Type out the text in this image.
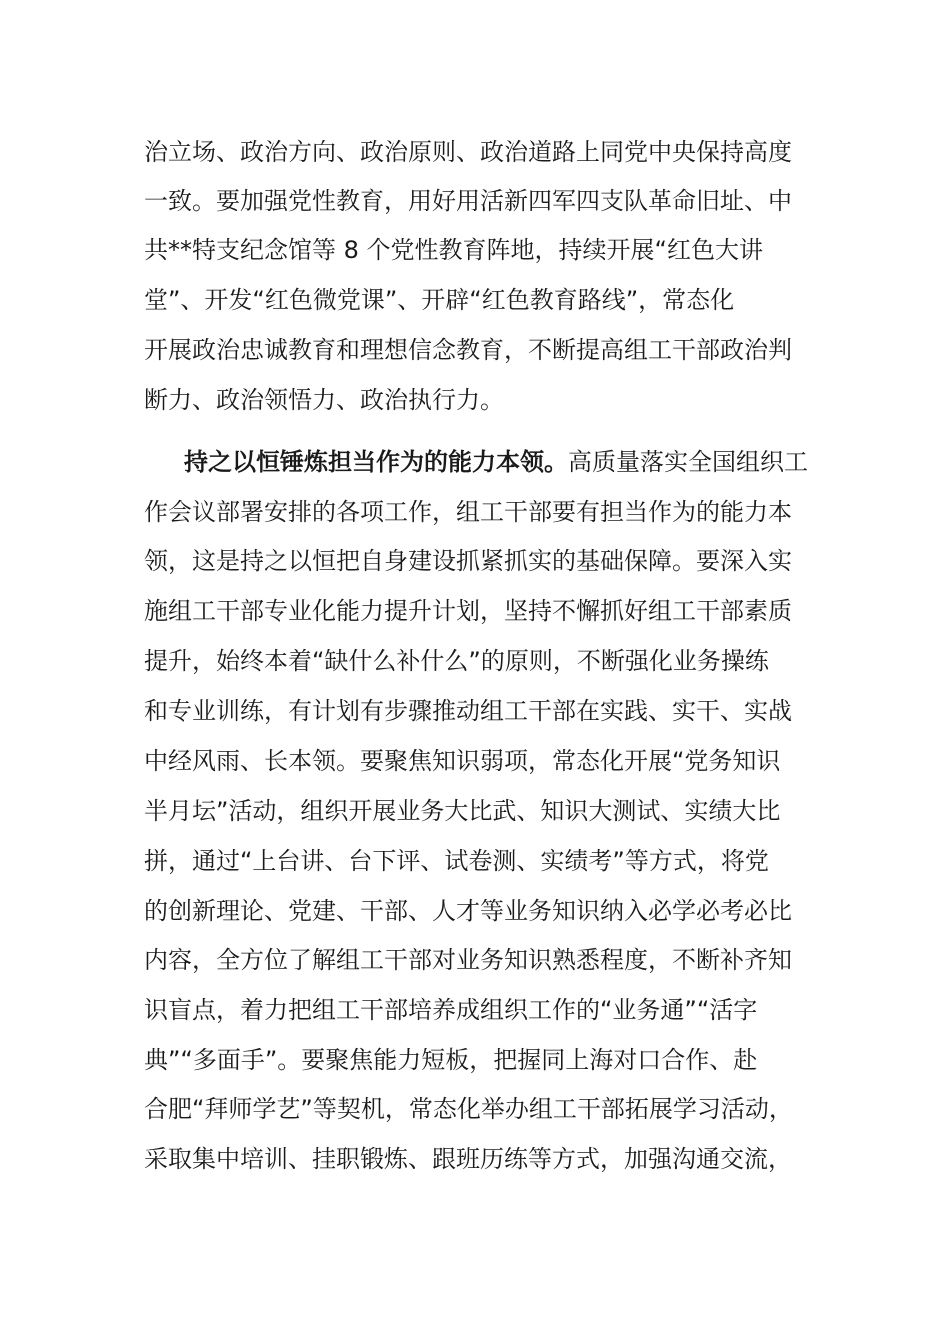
治立场、政治方向、政治原则、政治道路上同党中央保持高度
一致。要加强党性教育，用好用活新四军四支队革命旧址、中
共**特支纪念馆等 8 个党性教育阵地，持续开展“红色大讲
堂”、开发“红色微党课”、开辟“红色教育路线”，常态化
开展政治忠诚教育和理想信念教育，不断提高组工干部政治判
断力、政治领悟力、政治执行力。
持之以恒锤炼担当作为的能力本领。高质量落实全国组织工
作会议部署安排的各项工作，组工干部要有担当作为的能力本
领，这是持之以恒把自身建设抓紧抓实的基础保障。要深入实
施组工干部专业化能力提升计划，坚持不懈抓好组工干部素质
提升，始终本着“缺什么补什么”的原则，不断强化业务操练
和专业训练，有计划有步骤推动组工干部在实践、实干、实战
中经风雨、长本领。要聚焦知识弱项，常态化开展“党务知识
半月坛”活动，组织开展业务大比武、知识大测试、实绩大比
拼，通过“上台讲、台下评、试卷测、实绩考”等方式，将党
的创新理论、党建、干部、人才等业务知识纳入必学必考必比
内容，全方位了解组工干部对业务知识熟悉程度，不断补齐知
识盲点，着力把组工干部培养成组织工作的“业务通”“活字
典”“多面手”。要聚焦能力短板，把握同上海对口合作、赴
合肥“拜师学艺”等契机，常态化举办组工干部拓展学习活动，
采取集中培训、挂职锻炼、跟班历练等方式，加强沟通交流，
